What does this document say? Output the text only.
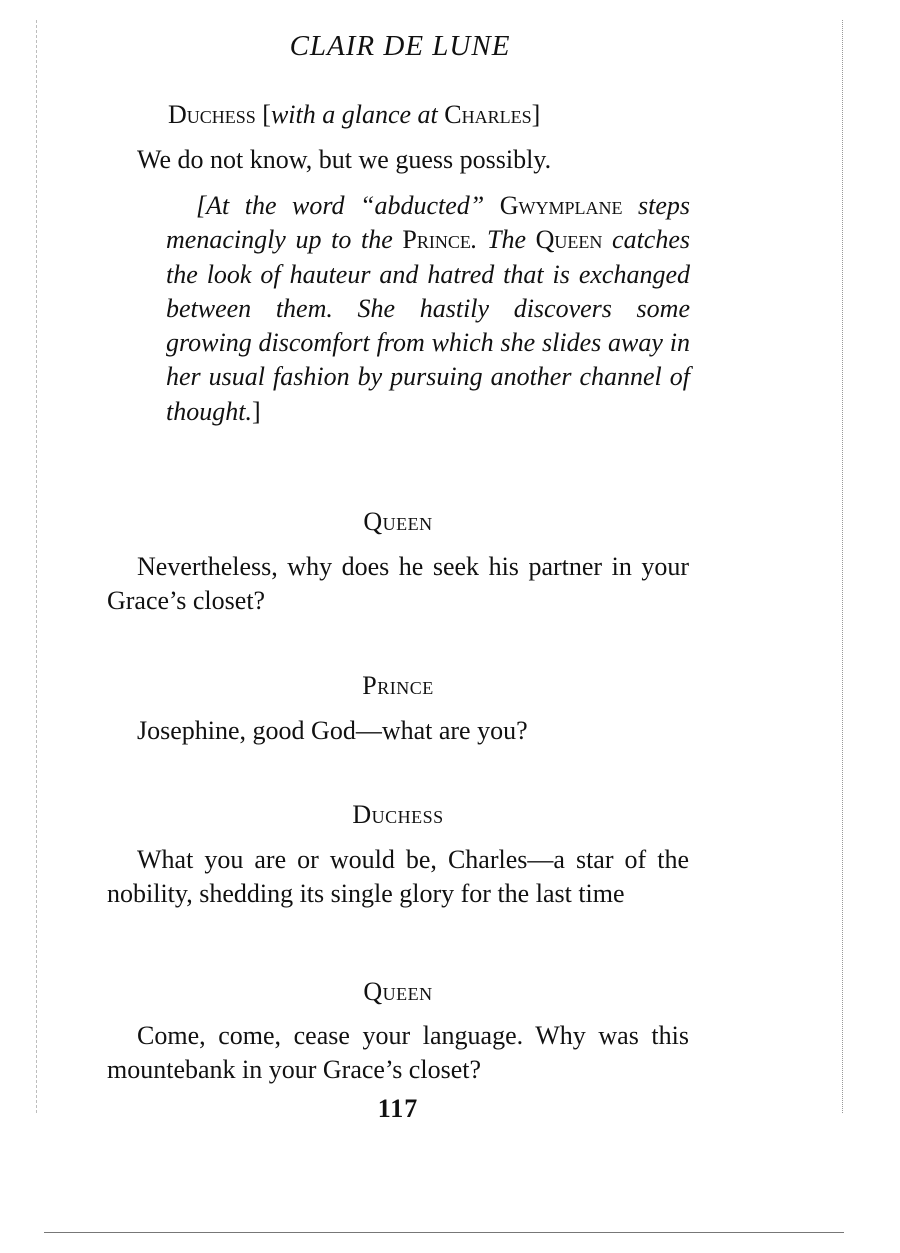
CLAIR DE LUNE
Duchess [with a glance at Charles]

We do not know, but we guess possibly.

[At the word “abducted” Gwymplane steps menacingly up to the Prince. The Queen catches the look of hauteur and hatred that is exchanged between them. She hastily discovers some growing discomfort from which she slides away in her usual fashion by pursuing another channel of thought.]

Queen

Nevertheless, why does he seek his partner in your Grace’s closet?

Prince

Josephine, good God—what are you?

Duchess

What you are or would be, Charles—a star of the nobility, shedding its single glory for the last time

Queen

Come, come, cease your language. Why was this mountebank in your Grace’s closet?

117
